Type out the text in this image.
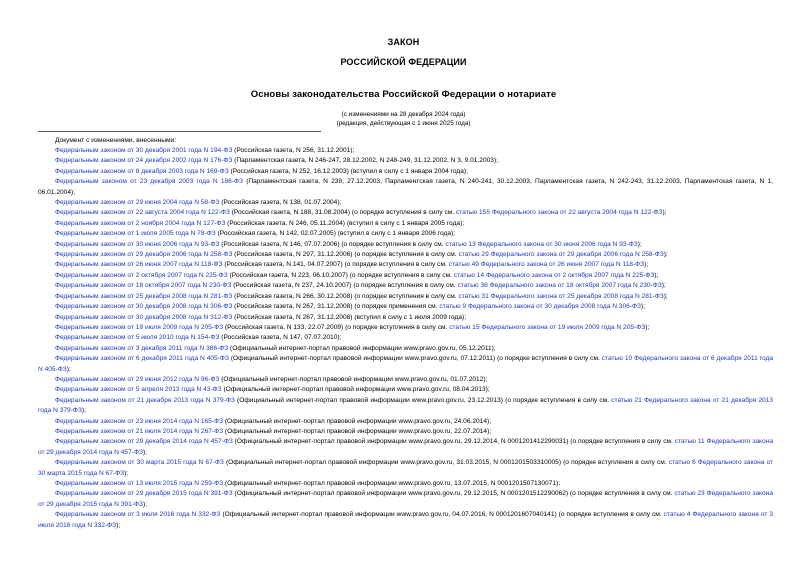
ЗАКОН
РОССИЙСКОЙ ФЕДЕРАЦИИ
Основы законодательства Российской Федерации о нотариате
(с изменениями на 28 декабря 2024 года)
(редакция, действующая с 1 июня 2025 года)
Документ с изменениями, внесенными:
Федеральным законом от 30 декабря 2001 года N 194-ФЗ (Российская газета, N 256, 31.12.2001);
Федеральным законом от 24 декабря 2002 года N 176-ФЗ (Парламентская газета, N 246-247, 28.12.2002, N 248-249, 31.12.2002, N 3, 9.01.2003);
Федеральным законом от 8 декабря 2003 года N 169-ФЗ (Российская газета, N 252, 16.12.2003) (вступил в силу с 1 января 2004 года);
Федеральным законом от 23 декабря 2003 года N 186-ФЗ (Парламентская газета, N 239, 27.12.2003, Парламентская газета, N 240-241, 30.12.2003, Парламентская газета, N 242-243, 31.12.2003, Парламентская газета, N 1, 06.01.2004);
Федеральным законом от 29 июня 2004 года N 58-ФЗ (Российская газета, N 138, 01.07.2004);
Федеральным законом от 22 августа 2004 года N 122-ФЗ (Российская газета, N 188, 31.08.2004) (о порядке вступления в силу см. статью 155 Федерального закона от 22 августа 2004 года N 122-ФЗ);
Федеральным законом от 2 ноября 2004 года N 127-ФЗ (Российская газета, N 246, 05.11.2004) (вступил в силу с 1 января 2005 года);
Федеральным законом от 1 июля 2005 года N 78-ФЗ (Российская газета, N 142, 02.07.2005) (вступил в силу с 1 января 2006 года);
Федеральным законом от 30 июня 2006 года N 93-ФЗ (Российская газета, N 146, 07.07.2006) (о порядке вступления в силу см. статью 13 Федерального закона от 30 июня 2006 года N 93-ФЗ);
Федеральным законом от 29 декабря 2006 года N 258-ФЗ (Российская газета, N 297, 31.12.2006) (о порядке вступления в силу см. статью 29 Федерального закона от 29 декабря 2006 года N 258-ФЗ);
Федеральным законом от 26 июня 2007 года N 118-ФЗ (Российская газета, N 141, 04.07.2007) (о порядке вступления в силу см. статью 49 Федерального закона от 26 июня 2007 года N 118-ФЗ);
Федеральным законом от 2 октября 2007 года N 225-ФЗ (Российская газета, N 223, 06.10.2007) (о порядке вступления в силу см. статью 14 Федерального закона от 2 октября 2007 года N 225-ФЗ);
Федеральным законом от 18 октября 2007 года N 230-ФЗ (Российская газета, N 237, 24.10.2007) (о порядке вступления в силу см. статью 38 Федерального закона от 18 октября 2007 года N 230-ФЗ);
Федеральным законом от 25 декабря 2008 года N 281-ФЗ (Российская газета, N 266, 30.12.2008) (о порядке вступления в силу см. статью 31 Федерального закона от 25 декабря 2008 года N 281-ФЗ);
Федеральным законом от 30 декабря 2008 года N 306-ФЗ (Российская газета, N 267, 31.12.2008) (о порядке применения см. статью 9 Федерального закона от 30 декабря 2008 года N 306-ФЗ);
Федеральным законом от 30 декабря 2008 года N 312-ФЗ (Российская газета, N 267, 31.12.2008) (вступил в силу с 1 июля 2009 года);
Федеральным законом от 19 июля 2009 года N 205-ФЗ (Российская газета, N 133, 22.07.2009) (о порядке вступления в силу см. статью 15 Федерального закона от 19 июля 2009 года N 205-ФЗ);
Федеральным законом от 5 июля 2010 года N 154-ФЗ (Российская газета, N 147, 07.07.2010);
Федеральным законом от 3 декабря 2011 года N 386-ФЗ (Официальный интернет-портал правовой информации www.pravo.gov.ru, 05.12.2011);
Федеральным законом от 6 декабря 2011 года N 405-ФЗ (Официальный интернет-портал правовой информации www.pravo.gov.ru, 07.12.2011) (о порядке вступления в силу см. статью 10 Федерального закона от 6 декабря 2011 года N 405-ФЗ);
Федеральным законом от 29 июня 2012 года N 96-ФЗ (Официальный интернет-портал правовой информации www.pravo.gov.ru, 01.07.2012);
Федеральным законом от 5 апреля 2013 года N 43-ФЗ (Официальный интернет-портал правовой информации www.pravo.gov.ru, 08.04.2013);
Федеральным законом от 21 декабря 2013 года N 379-ФЗ (Официальный интернет-портал правовой информации www.pravo.gov.ru, 23.12.2013) (о порядке вступления в силу см. статью 21 Федерального закона от 21 декабря 2013 года N 379-ФЗ);
Федеральным законом от 23 июня 2014 года N 165-ФЗ (Официальный интернет-портал правовой информации www.pravo.gov.ru, 24.06.2014);
Федеральным законом от 21 июля 2014 года N 267-ФЗ (Официальный интернет-портал правовой информации www.pravo.gov.ru, 22.07.2014);
Федеральным законом от 29 декабря 2014 года N 457-ФЗ (Официальный интернет-портал правовой информации www.pravo.gov.ru, 29.12.2014, N 0001201412290031) (о порядке вступления в силу см. статью 11 Федерального закона от 29 декабря 2014 года N 457-ФЗ);
Федеральным законом от 30 марта 2015 года N 67-ФЗ (Официальный интернет-портал правовой информации www.pravo.gov.ru, 31.03.2015, N 0001201503310005) (о порядке вступления в силу см. статью 6 Федерального закона от 30 марта 2015 года N 67-ФЗ);
Федеральным законом от 13 июля 2015 года N 259-ФЗ (Официальный интернет-портал правовой информации www.pravo.gov.ru, 13.07.2015, N 0001201507130071);
Федеральным законом от 29 декабря 2015 года N 391-ФЗ (Официальный интернет-портал правовой информации www.pravo.gov.ru, 29.12.2015, N 0001201512290062) (о порядке вступления в силу см. статью 23 Федерального закона от 29 декабря 2015 года N 391-ФЗ);
Федеральным законом от 3 июля 2016 года N 332-ФЗ (Официальный интернет-портал правовой информации www.pravo.gov.ru, 04.07.2016, N 0001201607040141) (о порядке вступления в силу см. статью 4 Федерального закона от 3 июля 2016 года N 332-ФЗ);
